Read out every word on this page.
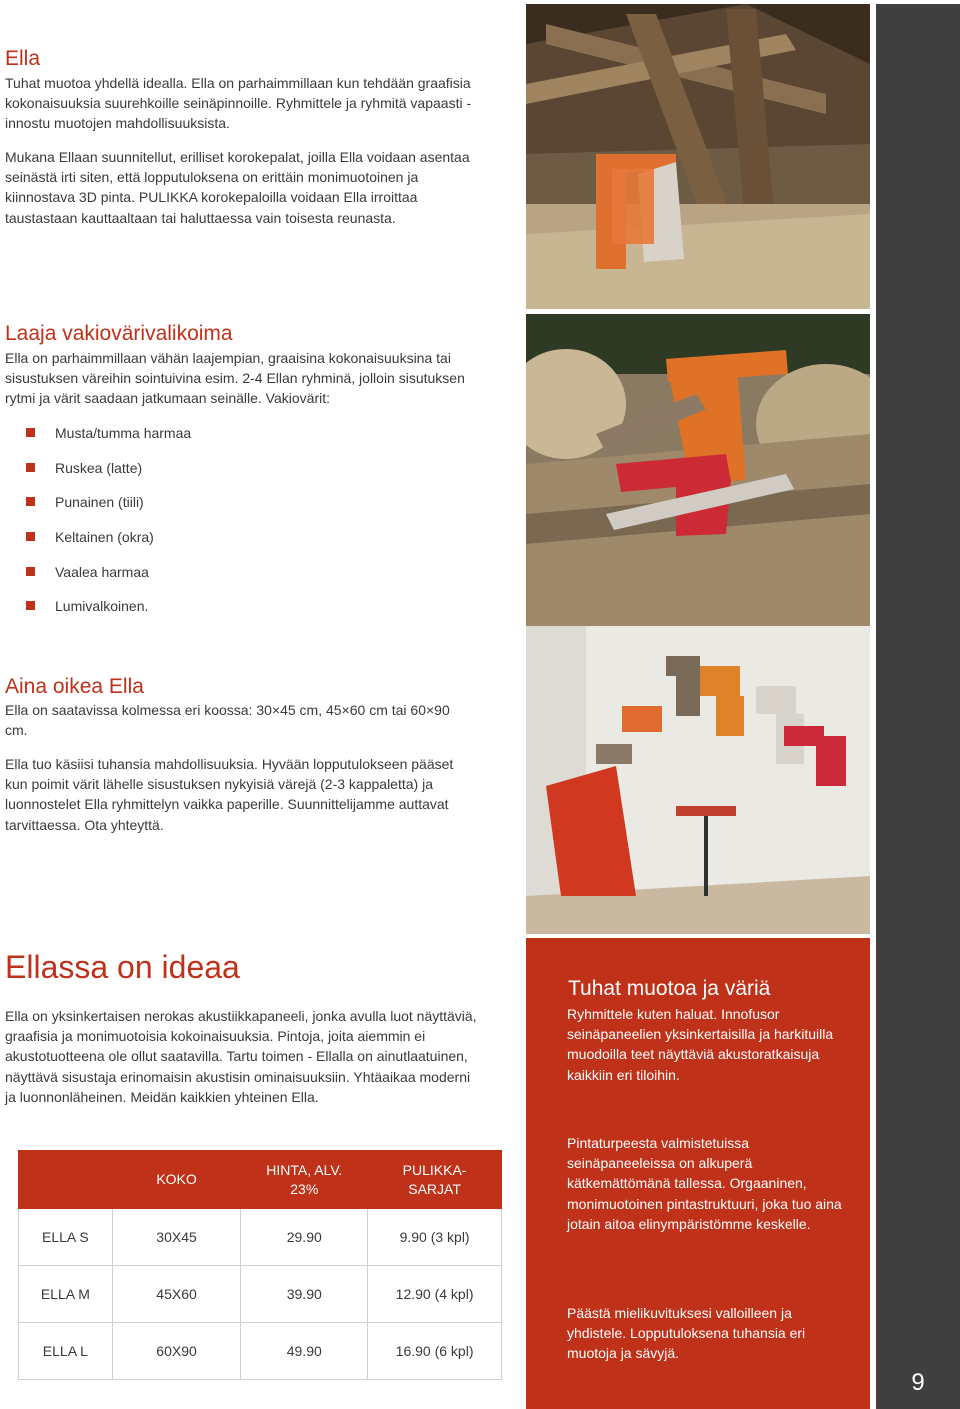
Ella

Tuhat muotoa yhdellä idealla. Ella on parhaimmillaan kun tehdään graafisia kokonaisuuksia suurehkoille seinäpinnoille. Ryhmittele ja ryhmitä vapaasti - innostu muotojen mahdollisuuksista.

Mukana Ellaan suunnitellut, erilliset korokepalat, joilla Ella voidaan asentaa seinästä irti siten, että lopputuloksena on erittäin monimuotoinen ja kiinnostava 3D pinta. PULIKKA korokepaloilla voidaan Ella irroittaa taustastaan kauttaaltaan tai haluttaessa vain toisesta reunasta.

Laaja vakiovärivalikoima

Ella on parhaimmillaan vähän laajempian, graaisina kokonaisuuksina tai sisustuksen väreihin sointuivina esim. 2-4 Ellan ryhminä, jolloin sisutuksen rytmi ja värit saadaan jatkumaan seinälle. Vakiovärit:

Musta/tumma harmaa
Ruskea (latte)
Punainen (tiili)
Keltainen (okra)
Vaalea harmaa
Lumivalkoinen.
Aina oikea Ella

Ella on saatavissa kolmessa eri koossa: 30×45 cm, 45×60 cm tai 60×90 cm.

Ella tuo käsiisi tuhansia mahdollisuuksia. Hyvään lopputulokseen pääset kun poimit värit lähelle sisustuksen nykyisiä värejä (2-3 kappaletta) ja luonnostelet Ella ryhmittelyn vaikka paperille. Suunnittelijamme auttavat tarvittaessa. Ota yhteyttä.

Ellassa on ideaa

Ella on yksinkertaisen nerokas akustiikkapaneeli, jonka avulla luot näyttäviä, graafisia ja monimuotoisia kokoinaisuuksia. Pintoja, joita aiemmin ei akustotuotteena ole ollut saatavilla. Tartu toimen - Ellalla on ainutlaatuinen, näyttävä sisustaja erinomaisin akustisin ominaisuuksiin. Yhtäaikaa moderni ja luonnonläheinen. Meidän kaikkien yhteinen Ella.

	KOKO	HINTA, ALV. 23%	PULIKKA-SARJAT

ELLA S	30X45	29.90	9.90 (3 kpl)
ELLA M	45X60	39.90	12.90 (4 kpl)
ELLA L	60X90	49.90	16.90 (6 kpl)
Tuhat muotoa ja väriä

Ryhmittele kuten haluat. Innofusor seinäpaneelien yksinkertaisilla ja harkituilla muodoilla teet näyttäviä akustoratkaisuja kaikkiin eri tiloihin.

Pintaturpeesta valmistetuissa seinäpaneeleissa on alkuperä kätkemättömänä tallessa. Orgaaninen, monimuotoinen pintastruktuuri, joka tuo aina jotain aitoa elinympäristömme keskelle.

Päästä mielikuvituksesi valloilleen ja yhdistele. Lopputuloksena tuhansia eri muotoja ja sävyjä.

9
